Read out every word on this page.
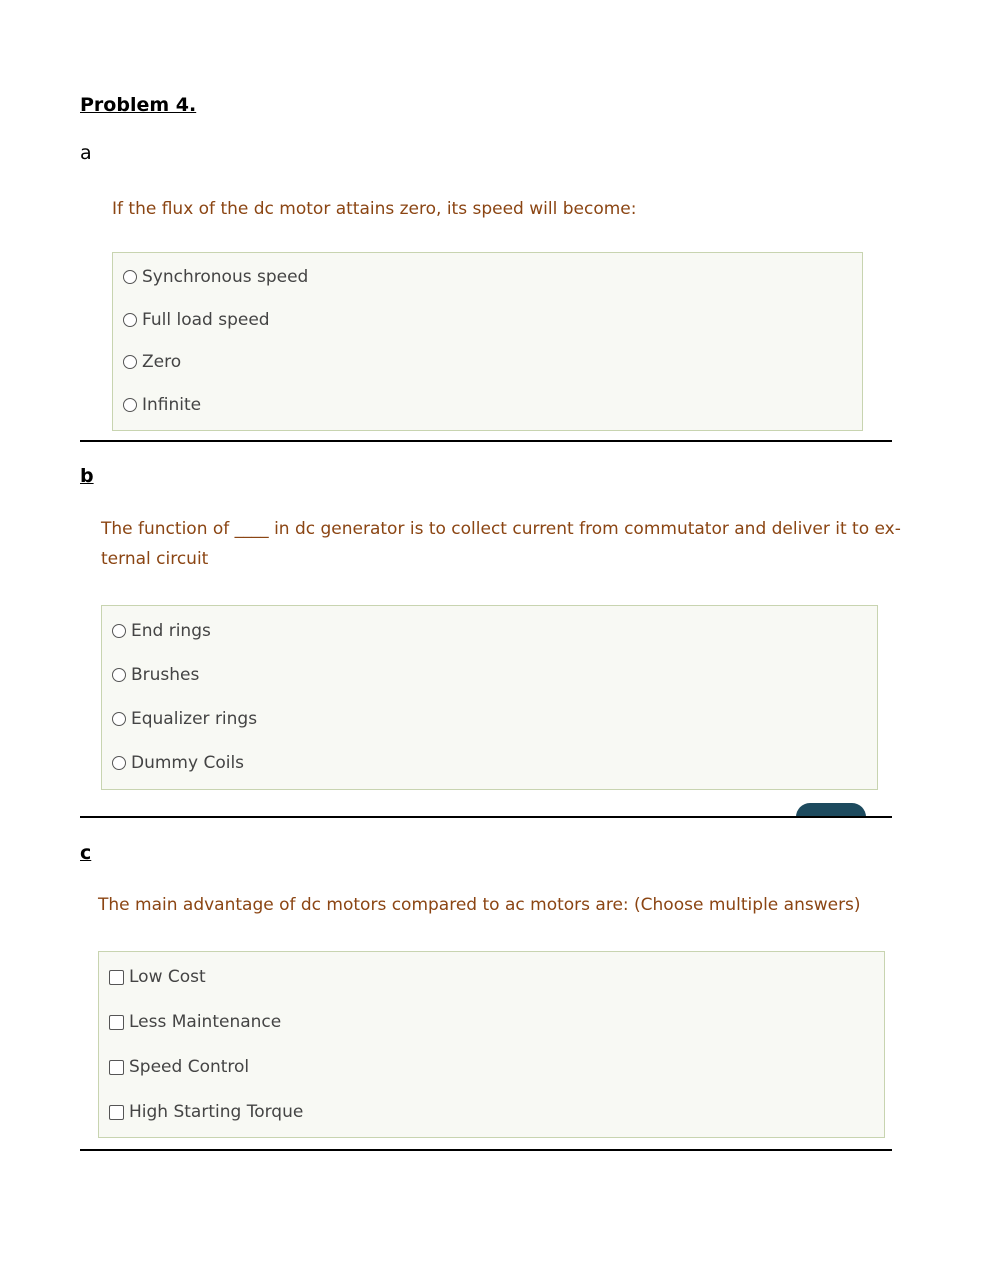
Problem 4.
a
If the flux of the dc motor attains zero, its speed will become:
Synchronous speed
Full load speed
Zero
Infinite
b
The function of ____ in dc generator is to collect current from commutator and deliver it to ex-
ternal circuit
End rings
Brushes
Equalizer rings
Dummy Coils
c
The main advantage of dc motors compared to ac motors are: (Choose multiple answers)
Low Cost
Less Maintenance
Speed Control
High Starting Torque
